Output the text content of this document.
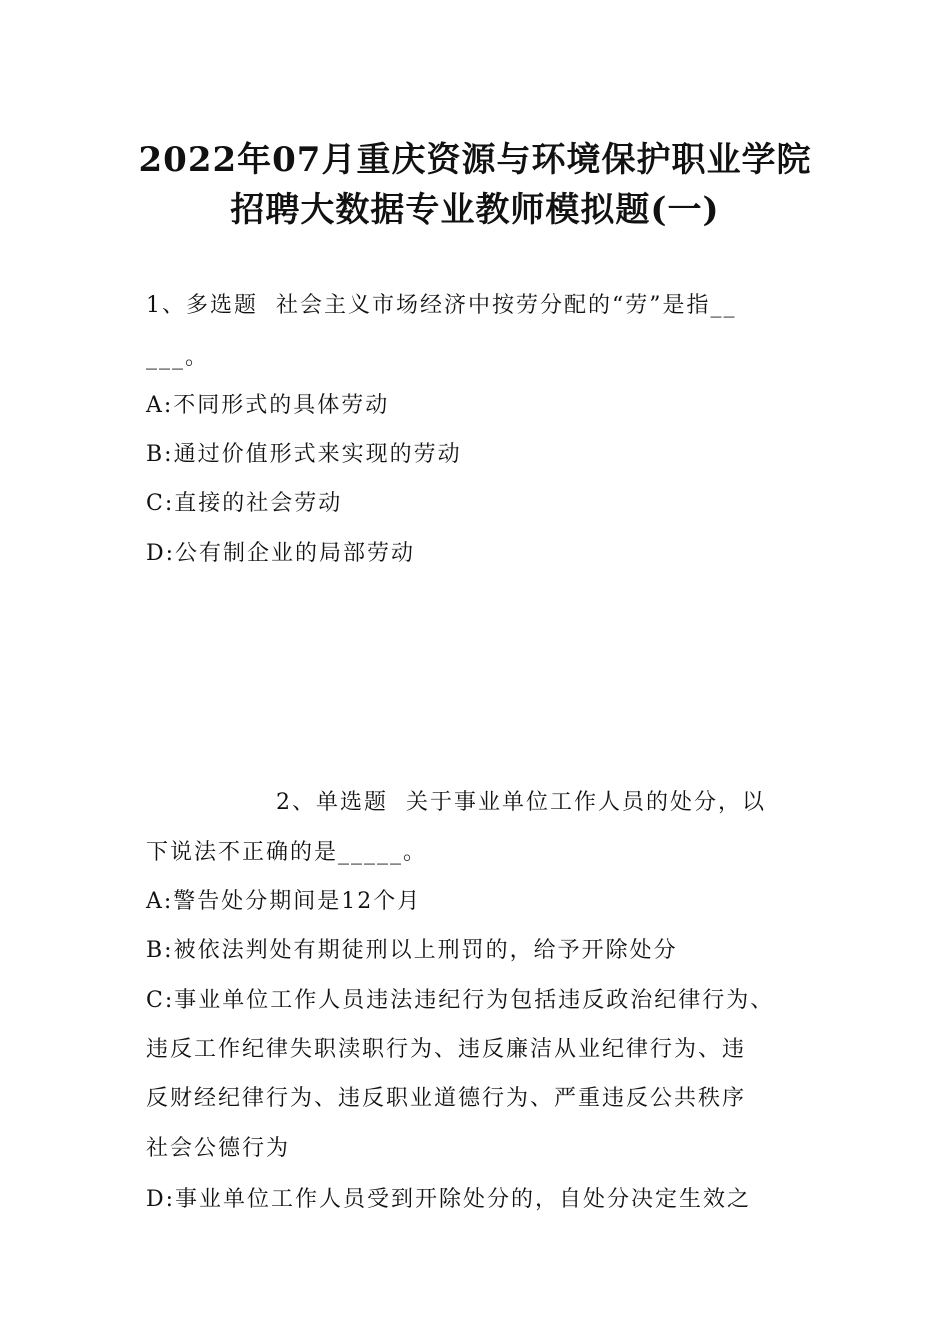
2022年07月重庆资源与环境保护职业学院
招聘大数据专业教师模拟题(一)
1、多选题 社会主义市场经济中按劳分配的“劳”是指__
___。
A:不同形式的具体劳动
B:通过价值形式来实现的劳动
C:直接的社会劳动
D:公有制企业的局部劳动
2、单选题 关于事业单位工作人员的处分，以
下说法不正确的是_____。
A:警告处分期间是12个月
B:被依法判处有期徒刑以上刑罚的，给予开除处分
C:事业单位工作人员违法违纪行为包括违反政治纪律行为、
违反工作纪律失职渎职行为、违反廉洁从业纪律行为、违
反财经纪律行为、违反职业道德行为、严重违反公共秩序
社会公德行为
D:事业单位工作人员受到开除处分的，自处分决定生效之
